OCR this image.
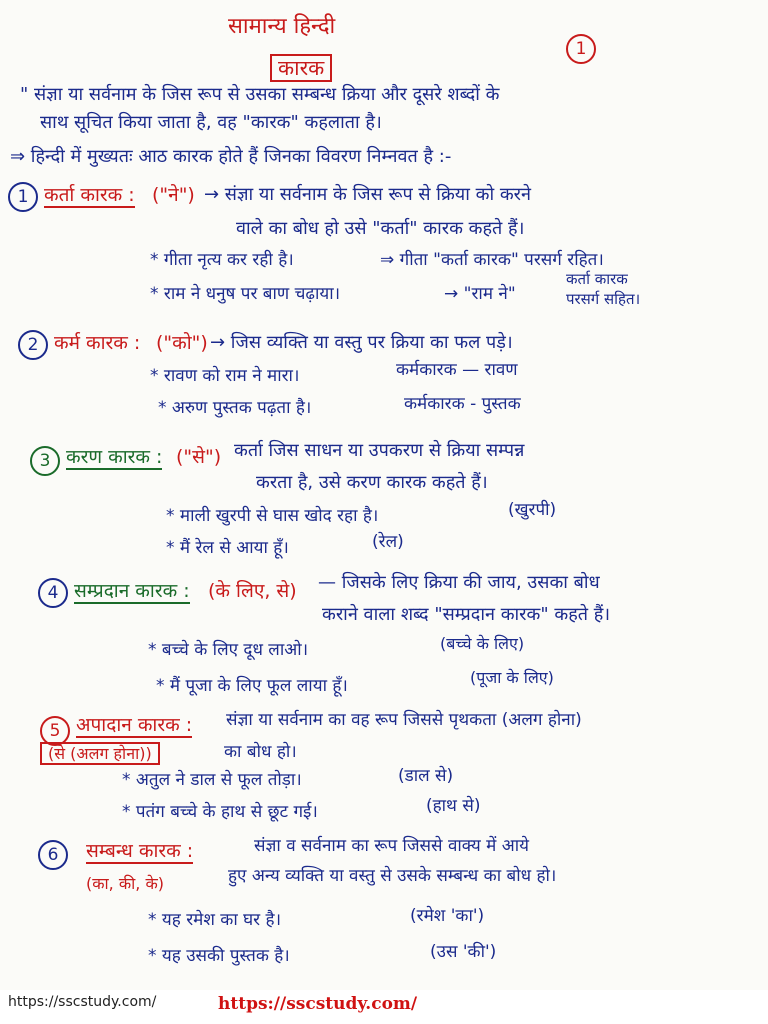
सामान्य हिन्दी
कारक
1
" संज्ञा या सर्वनाम के जिस रूप से उसका सम्बन्ध क्रिया और दूसरे शब्दों के
साथ सूचित किया जाता है, वह "कारक" कहलाता है।
⇒ हिन्दी में मुख्यतः आठ कारक होते हैं जिनका विवरण निम्नवत है :-
1 कर्ता कारक : ("ने") → संज्ञा या सर्वनाम के जिस रूप से क्रिया को करने
वाले का बोध हो उसे "कर्ता" कारक कहते हैं।
* गीता नृत्य कर रही है।	⇒ गीता "कर्ता कारक" परसर्ग रहित।
* राम ने धनुष पर बाण चढ़ाया।	→ "राम ने"
कर्ता कारक
परसर्ग सहित।
2 कर्म कारक : ("को") → जिस व्यक्ति या वस्तु पर क्रिया का फल पड़े।
* रावण को राम ने मारा।	कर्मकारक — रावण
* अरुण पुस्तक पढ़ता है।	कर्मकारक - पुस्तक
3 करण कारक : ("से") कर्ता जिस साधन या उपकरण से क्रिया सम्पन्न
करता है, उसे करण कारक कहते हैं।
* माली खुरपी से घास खोद रहा है।	(खुरपी)
* मैं रेल से आया हूँ।	(रेल)
4 सम्प्रदान कारक : (के लिए, से) — जिसके लिए क्रिया की जाय, उसका बोध
कराने वाला शब्द "सम्प्रदान कारक" कहते हैं।
* बच्चे के लिए दूध लाओ।	(बच्चे के लिए)
* मैं पूजा के लिए फूल लाया हूँ।	(पूजा के लिए)
5 अपादान कारक :
(से (अलग होना))
संज्ञा या सर्वनाम का वह रूप जिससे पृथकता (अलग होना)
का बोध हो।
* अतुल ने डाल से फूल तोड़ा।	(डाल से)
* पतंग बच्चे के हाथ से छूट गई।	(हाथ से)
6	सम्बन्ध कारक :
(का, की, के)
संज्ञा व सर्वनाम का रूप जिससे वाक्य में आये
हुए अन्य व्यक्ति या वस्तु से उसके सम्बन्ध का बोध हो।
* यह रमेश का घर है।	(रमेश 'का')
* यह उसकी पुस्तक है।	(उस 'की')
https://sscstudy.com/	https://sscstudy.com/
